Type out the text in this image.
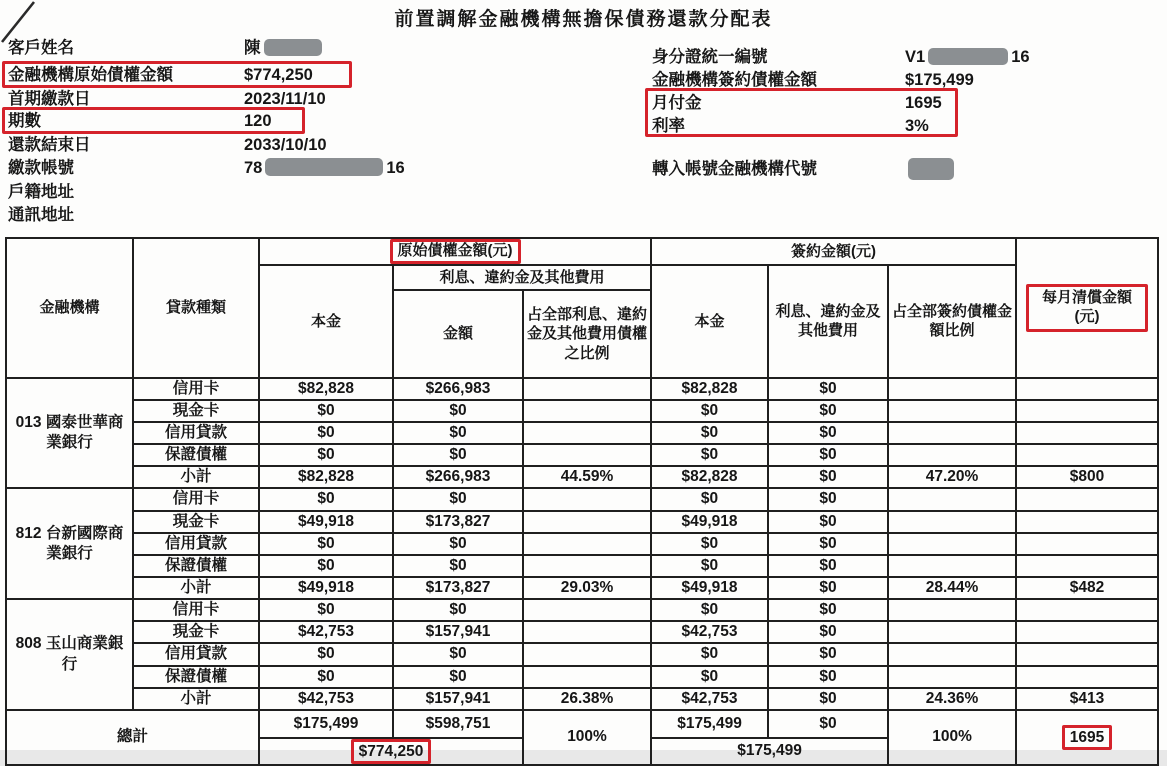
前置調解金融機構無擔保債務還款分配表
客戶姓名	陳
金融機構原始債權金額	$774,250
首期繳款日	2023/11/10
期數	120
還款結束日	2033/10/10
繳款帳號	78	16
戶籍地址
通訊地址
身分證統一編號	V1	16
金融機構簽約債權金額	$175,499
月付金	1695
利率	3%
轉入帳號金融機構代號
金融機構	貸款種類	原始債權金額(元)			簽約金額(元)			每月清償金額(元)
		本金	利息、違約金及其他費用		本金	利息、違約金及其他費用	占全部簽約債權金額比例	
			金額	占全部利息、違約金及其他費用債權之比例				
013 國泰世華商業銀行	信用卡	$82,828	$266,983		$82,828	$0		
	現金卡	$0	$0		$0	$0		
	信用貸款	$0	$0		$0	$0		
	保證債權	$0	$0		$0	$0		
	小計	$82,828	$266,983	44.59%	$82,828	$0	47.20%	$800
812 台新國際商業銀行	信用卡	$0	$0		$0	$0		
	現金卡	$49,918	$173,827		$49,918	$0		
	信用貸款	$0	$0		$0	$0		
	保證債權	$0	$0		$0	$0		
	小計	$49,918	$173,827	29.03%	$49,918	$0	28.44%	$482
808 玉山商業銀行	信用卡	$0	$0		$0	$0		
	現金卡	$42,753	$157,941		$42,753	$0		
	信用貸款	$0	$0		$0	$0		
	保證債權	$0	$0		$0	$0		
	小計	$42,753	$157,941	26.38%	$42,753	$0	24.36%	$413
總計		$175,499	$598,751	100%	$175,499	$0	100%	1695
		$774,250			$175,499			
